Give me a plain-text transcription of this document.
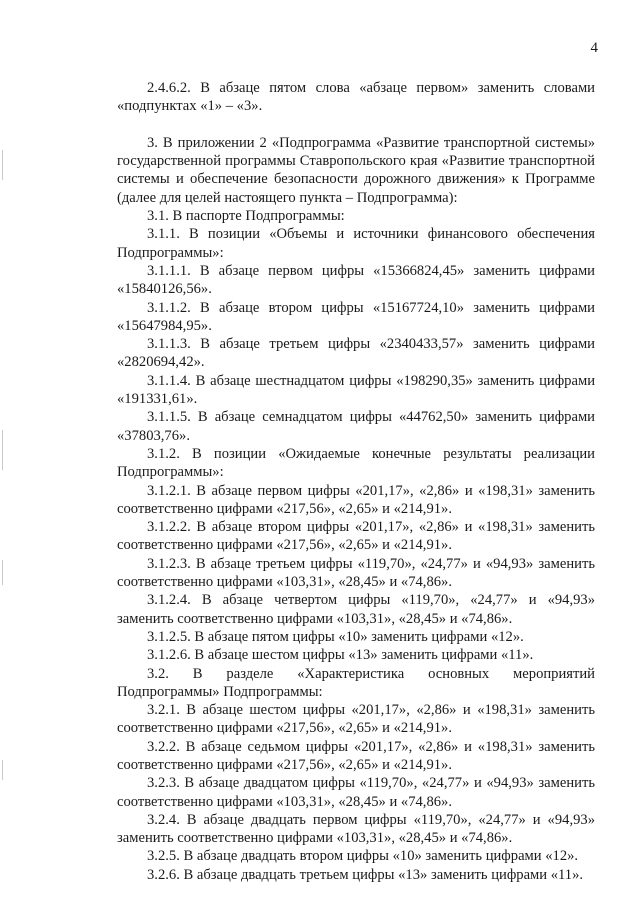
4

2.4.6.2. В абзаце пятом слова «абзаце первом» заменить словами «подпунктах «1» – «3».

3. В приложении 2 «Подпрограмма «Развитие транспортной системы» государственной программы Ставропольского края «Развитие транспортной системы и обеспечение безопасности дорожного движения» к Программе (далее для целей настоящего пункта – Подпрограмма):

3.1. В паспорте Подпрограммы:

3.1.1. В позиции «Объемы и источники финансового обеспечения Подпрограммы»:

3.1.1.1. В абзаце первом цифры «15366824,45» заменить цифрами «15840126,56».

3.1.1.2. В абзаце втором цифры «15167724,10» заменить цифрами «15647984,95».

3.1.1.3. В абзаце третьем цифры «2340433,57» заменить цифрами «2820694,42».

3.1.1.4. В абзаце шестнадцатом цифры «198290,35» заменить цифрами «191331,61».

3.1.1.5. В абзаце семнадцатом цифры «44762,50» заменить цифрами «37803,76».

3.1.2. В позиции «Ожидаемые конечные результаты реализации Подпрограммы»:

3.1.2.1. В абзаце первом цифры «201,17», «2,86» и «198,31» заменить соответственно цифрами «217,56», «2,65» и «214,91».

3.1.2.2. В абзаце втором цифры «201,17», «2,86» и «198,31» заменить соответственно цифрами «217,56», «2,65» и «214,91».

3.1.2.3. В абзаце третьем цифры «119,70», «24,77» и «94,93» заменить соответственно цифрами «103,31», «28,45» и «74,86».

3.1.2.4. В абзаце четвертом цифры «119,70», «24,77» и «94,93» заменить соответственно цифрами «103,31», «28,45» и «74,86».

3.1.2.5. В абзаце пятом цифры «10» заменить цифрами «12».

3.1.2.6. В абзаце шестом цифры «13» заменить цифрами «11».

3.2. В разделе «Характеристика основных мероприятий Подпрограммы» Подпрограммы:

3.2.1. В абзаце шестом цифры «201,17», «2,86» и «198,31» заменить соответственно цифрами «217,56», «2,65» и «214,91».

3.2.2. В абзаце седьмом цифры «201,17», «2,86» и «198,31» заменить соответственно цифрами «217,56», «2,65» и «214,91».

3.2.3. В абзаце двадцатом цифры «119,70», «24,77» и «94,93» заменить соответственно цифрами «103,31», «28,45» и «74,86».

3.2.4. В абзаце двадцать первом цифры «119,70», «24,77» и «94,93» заменить соответственно цифрами «103,31», «28,45» и «74,86».

3.2.5. В абзаце двадцать втором цифры «10» заменить цифрами «12».

3.2.6. В абзаце двадцать третьем цифры «13» заменить цифрами «11».
